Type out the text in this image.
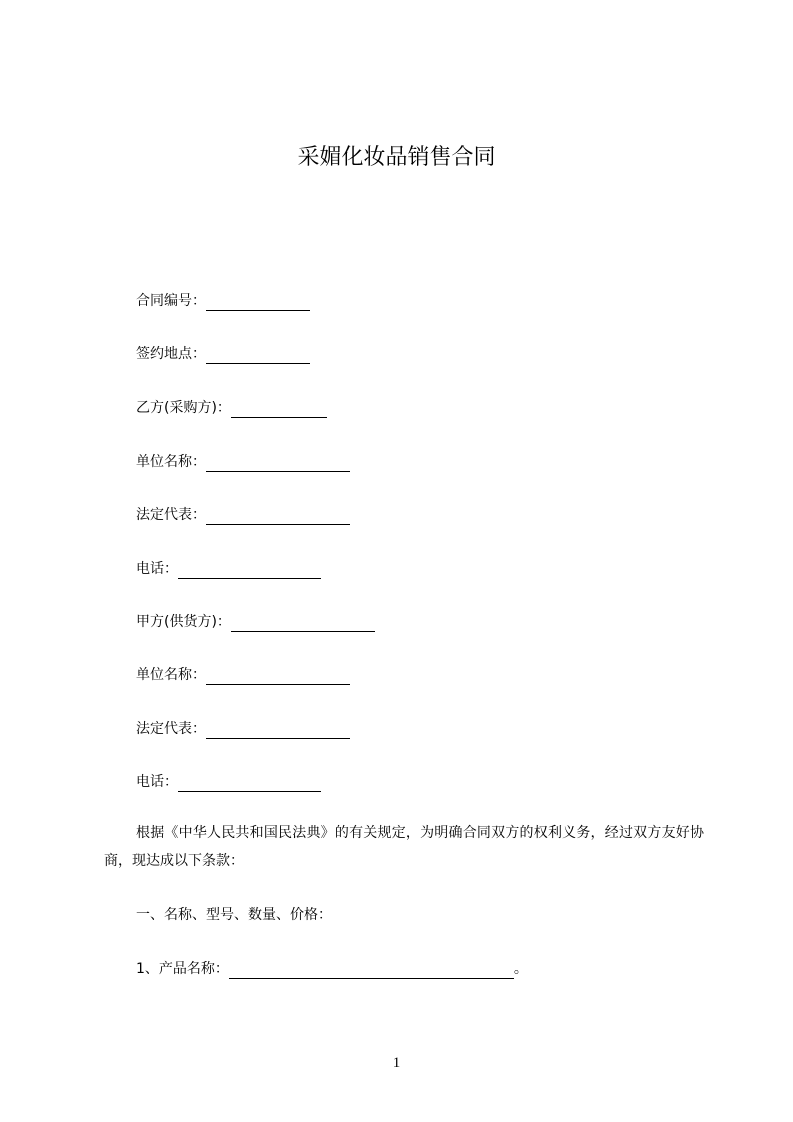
采媚化妆品销售合同
合同编号：
签约地点：
乙方(采购方)：
单位名称：
法定代表：
电话：
甲方(供货方)：
单位名称：
法定代表：
电话：
根据《中华人民共和国民法典》的有关规定，为明确合同双方的权利义务，经过双方友好协商，现达成以下条款：
一、名称、型号、数量、价格：
1、产品名称：	。
1
